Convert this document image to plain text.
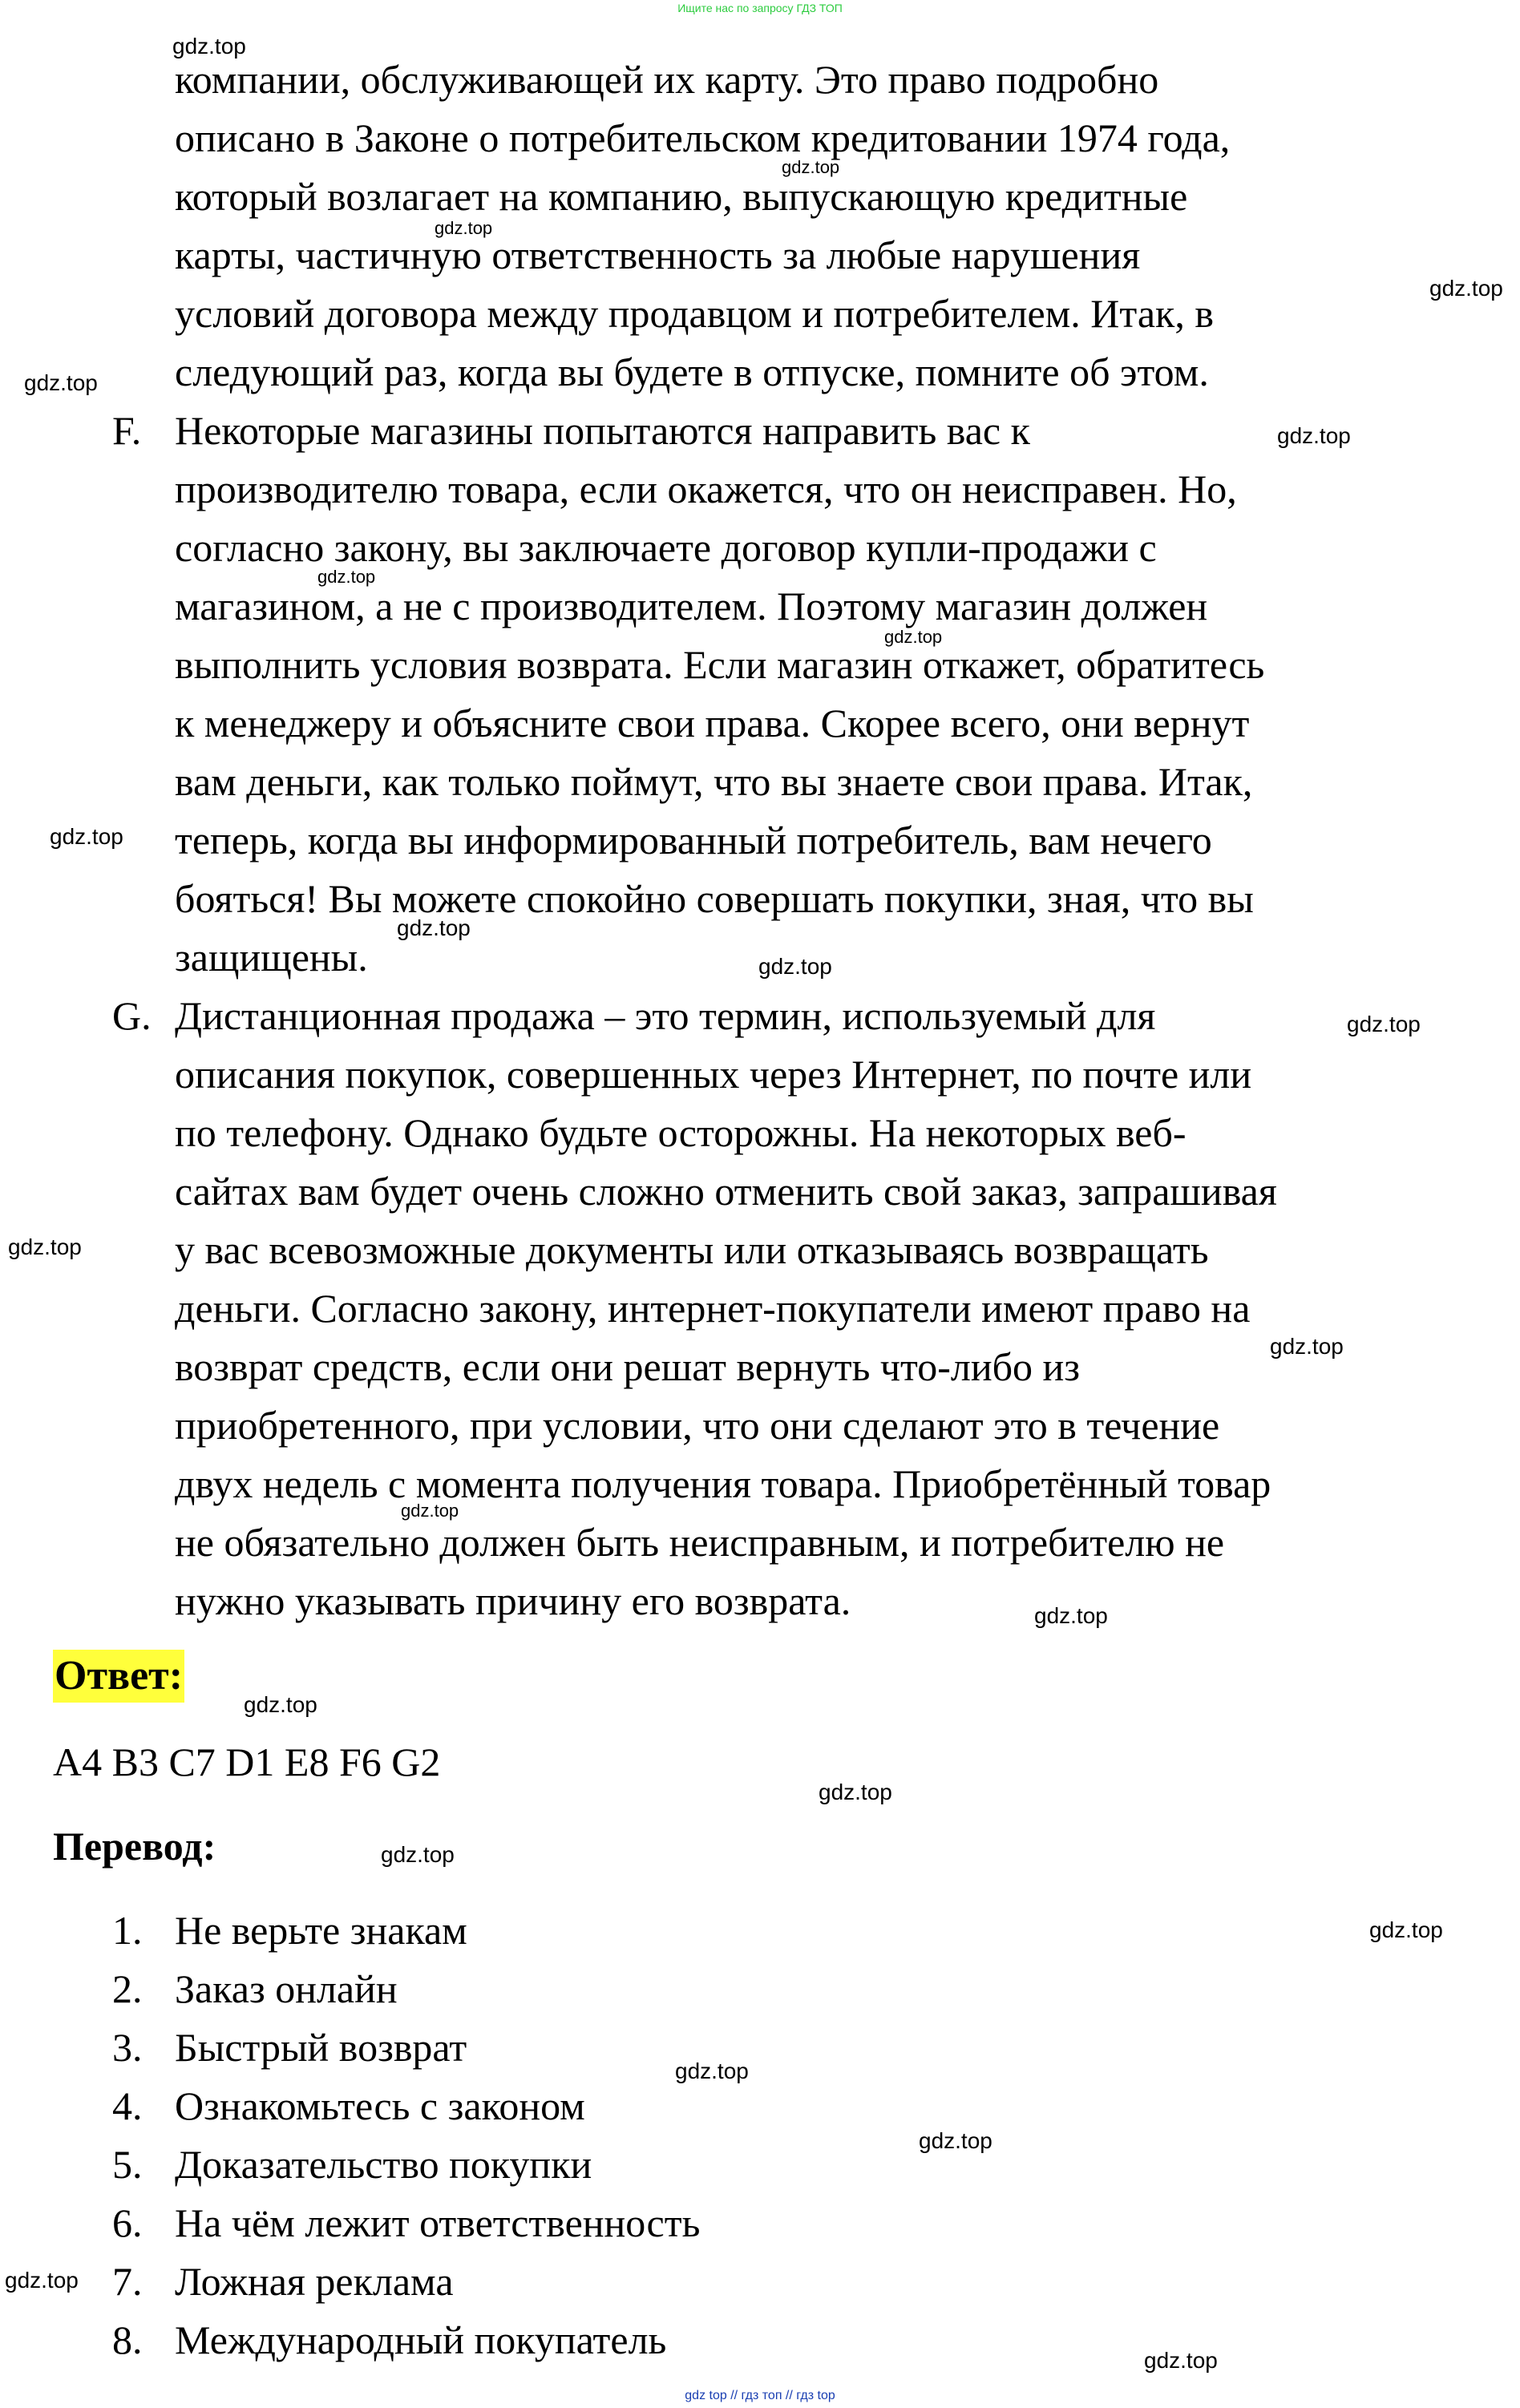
Ищите нас по запросу ГДЗ ТОП
компании, обслуживающей их карту. Это право подробно
описано в Законе о потребительском кредитовании 1974 года,
который возлагает на компанию, выпускающую кредитные
карты, частичную ответственность за любые нарушения
условий договора между продавцом и потребителем. Итак, в
следующий раз, когда вы будете в отпуске, помните об этом.
F. Некоторые магазины попытаются направить вас к
производителю товара, если окажется, что он неисправен. Но,
согласно закону, вы заключаете договор купли-продажи с
магазином, а не с производителем. Поэтому магазин должен
выполнить условия возврата. Если магазин откажет, обратитесь
к менеджеру и объясните свои права. Скорее всего, они вернут
вам деньги, как только поймут, что вы знаете свои права. Итак,
теперь, когда вы информированный потребитель, вам нечего
бояться! Вы можете спокойно совершать покупки, зная, что вы
защищены.
G. Дистанционная продажа – это термин, используемый для
описания покупок, совершенных через Интернет, по почте или
по телефону. Однако будьте осторожны. На некоторых веб-
сайтах вам будет очень сложно отменить свой заказ, запрашивая
у вас всевозможные документы или отказываясь возвращать
деньги. Согласно закону, интернет-покупатели имеют право на
возврат средств, если они решат вернуть что-либо из
приобретенного, при условии, что они сделают это в течение
двух недель с момента получения товара. Приобретённый товар
не обязательно должен быть неисправным, и потребителю не
нужно указывать причину его возврата.
Ответ:
A4 B3 C7 D1 E8 F6 G2
Перевод:
1. Не верьте знакам
2. Заказ онлайн
3. Быстрый возврат
4. Ознакомьтесь с законом
5. Доказательство покупки
6. На чём лежит ответственность
7. Ложная реклама
8. Международный покупатель
gdz.top
gdz.top
gdz.top
gdz.top
gdz.top
gdz.top
gdz.top
gdz.top
gdz.top
gdz.top
gdz.top
gdz.top
gdz.top
gdz.top
gdz.top
gdz.top
gdz.top
gdz.top
gdz.top
gdz.top
gdz.top
gdz.top
gdz.top
gdz.top
gdz top // гдз топ // гдз top
